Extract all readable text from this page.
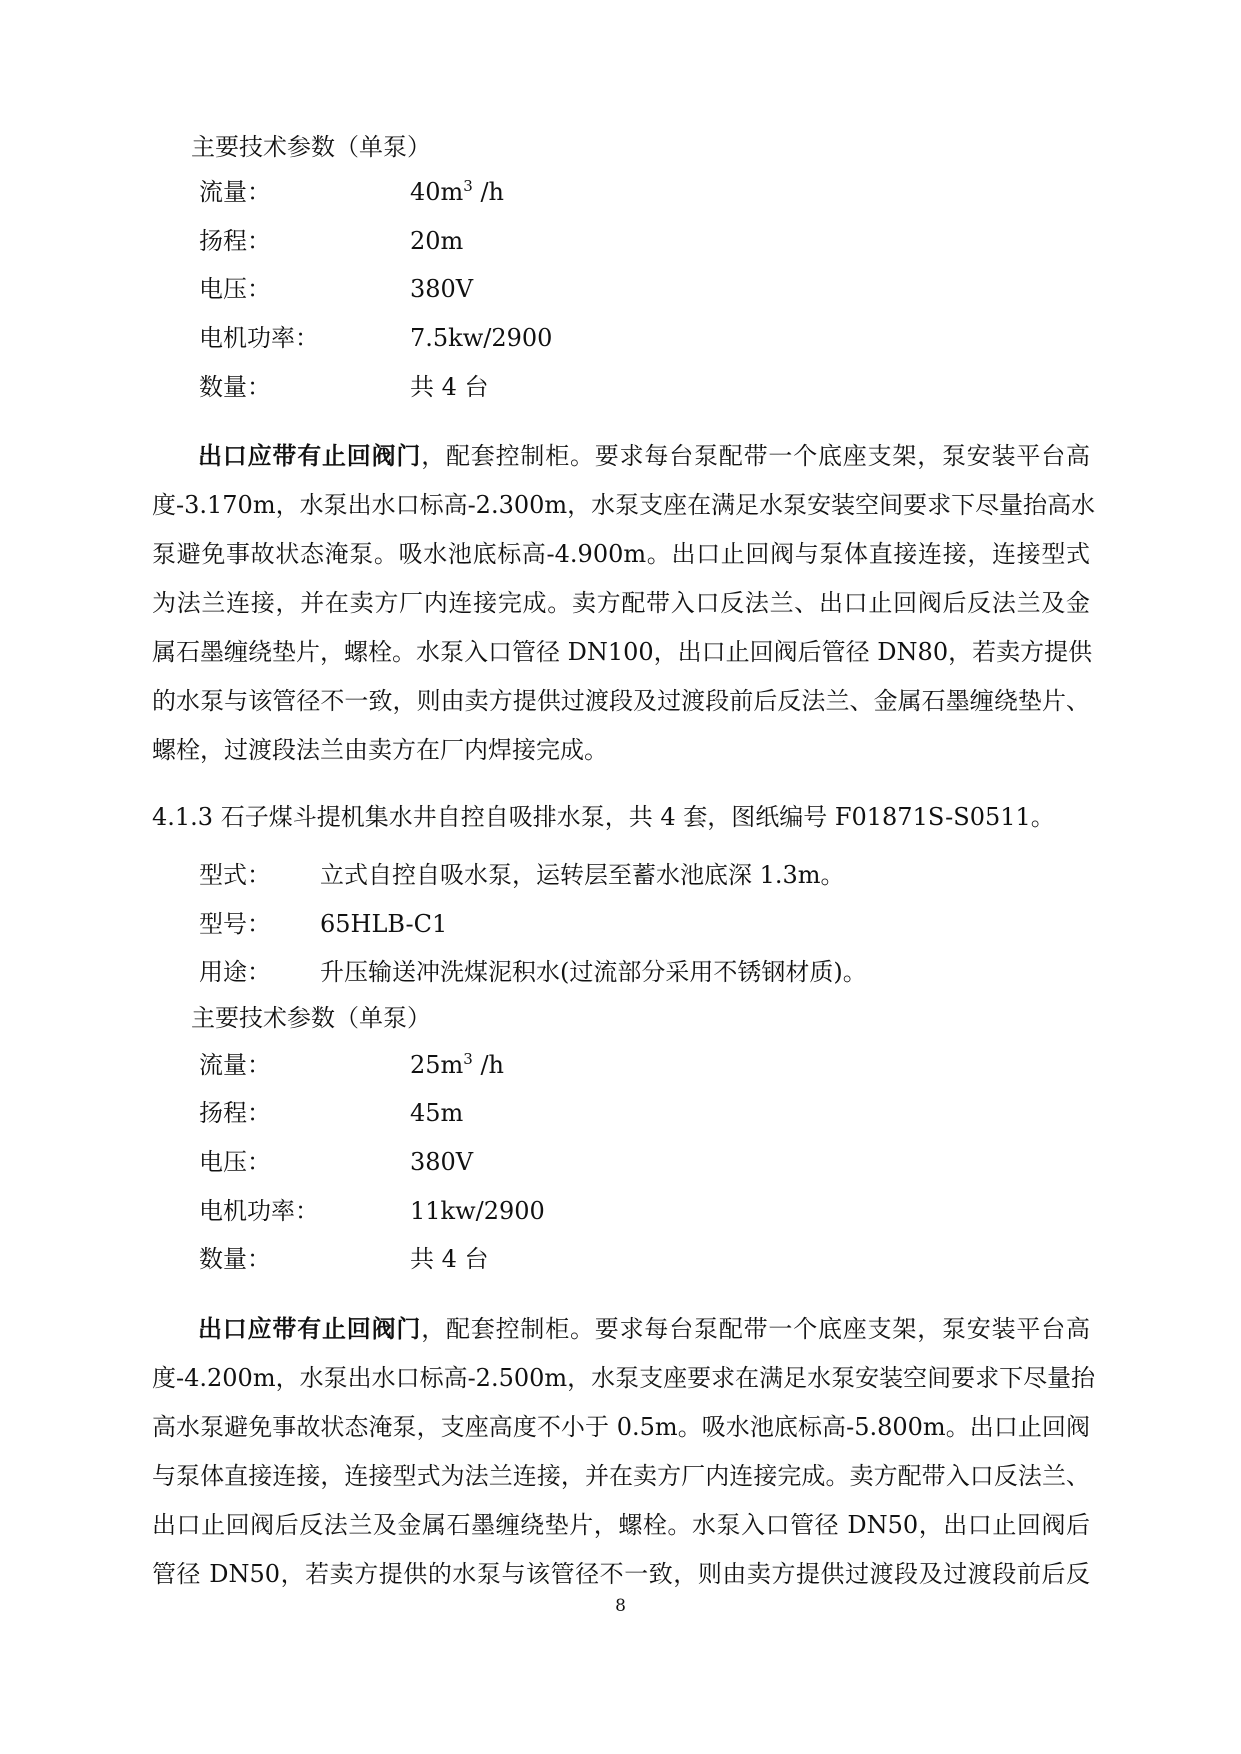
主要技术参数（单泵）
流量：	$40m^3$ /h
扬程：	20m
电压：	380V
电机功率：	7.5kw/2900
数量：	共 4 台
出口应带有止回阀门，配套控制柜。要求每台泵配带一个底座支架，泵安装平台高
度-3.170m，水泵出水口标高-2.300m，水泵支座在满足水泵安装空间要求下尽量抬高水
泵避免事故状态淹泵。吸水池底标高-4.900m。出口止回阀与泵体直接连接，连接型式
为法兰连接，并在卖方厂内连接完成。卖方配带入口反法兰、出口止回阀后反法兰及金
属石墨缠绕垫片，螺栓。水泵入口管径 DN100，出口止回阀后管径 DN80，若卖方提供
的水泵与该管径不一致，则由卖方提供过渡段及过渡段前后反法兰、金属石墨缠绕垫片、
螺栓，过渡段法兰由卖方在厂内焊接完成。
4.1.3 石子煤斗提机集水井自控自吸排水泵，共 4 套，图纸编号 F01871S-S0511。
型式： 立式自控自吸水泵，运转层至蓄水池底深 1.3m。
型号： 65HLB-C1
用途： 升压输送冲洗煤泥积水(过流部分采用不锈钢材质)。
主要技术参数（单泵）
流量：	$25m^3$ /h
扬程：	45m
电压：	380V
电机功率：	11kw/2900
数量：	共 4 台
出口应带有止回阀门，配套控制柜。要求每台泵配带一个底座支架，泵安装平台高
度-4.200m，水泵出水口标高-2.500m，水泵支座要求在满足水泵安装空间要求下尽量抬
高水泵避免事故状态淹泵，支座高度不小于 0.5m。吸水池底标高-5.800m。出口止回阀
与泵体直接连接，连接型式为法兰连接，并在卖方厂内连接完成。卖方配带入口反法兰、
出口止回阀后反法兰及金属石墨缠绕垫片，螺栓。水泵入口管径 DN50，出口止回阀后
管径 DN50，若卖方提供的水泵与该管径不一致，则由卖方提供过渡段及过渡段前后反
8
